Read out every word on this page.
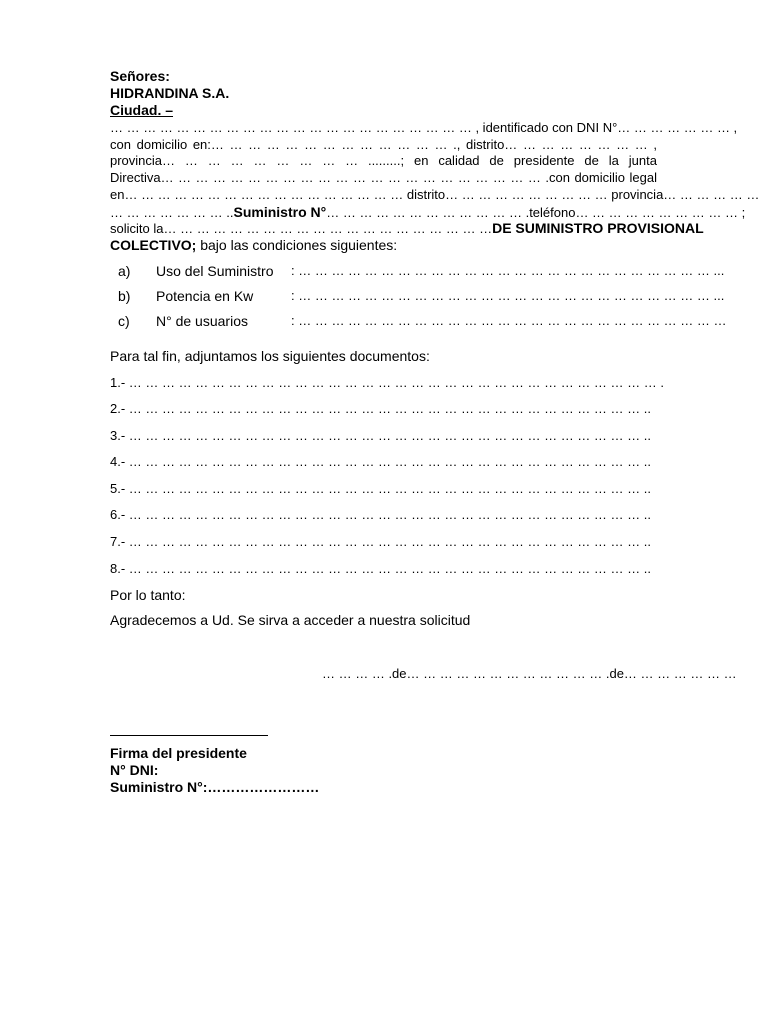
Señores:
HIDRANDINA S.A.
Ciudad. –
… … … … … … … … … … … … … … … … … … … … … … , identificado con DNI N°… … … … … … … ,
con domicilio en:… … … … … … … … … … … … … ., distrito… … … … … … … … ,
provincia… … … … … … … … … .........; en calidad de presidente de la junta
Directiva… … … … … … … … … … … … … … … … … … … … … … .con domicilio legal
en… … … … … … … … … … … … … … … … … distrito… … … … … … … … … … provincia… … … … … …
… … … … … … … ..Suministro N°… … … … … … … … … … … … .teléfono… … … … … … … … … … ;
solicito la… … … … … … … … … … … … … … … … … … … …DE SUMINISTRO PROVISIONAL
COLECTIVO; bajo las condiciones siguientes:
a) Uso del Suministro : … … … … … … … … … … … … … … … … … … … … … … … … … ...
b) Potencia en Kw	: … … … … … … … … … … … … … … … … … … … … … … … … … ...
c) N° de usuarios	: … … … … … … … … … … … … … … … … … … … … … … … … … …
Para tal fin, adjuntamos los siguientes documentos:
1.- … … … … … … … … … … … … … … … … … … … … … … … … … … … … … … … … .
2.- … … … … … … … … … … … … … … … … … … … … … … … … … … … … … … … ..
3.- … … … … … … … … … … … … … … … … … … … … … … … … … … … … … … … ..
4.- … … … … … … … … … … … … … … … … … … … … … … … … … … … … … … … ..
5.- … … … … … … … … … … … … … … … … … … … … … … … … … … … … … … … ..
6.- … … … … … … … … … … … … … … … … … … … … … … … … … … … … … … … ..
7.- … … … … … … … … … … … … … … … … … … … … … … … … … … … … … … … ..
8.- … … … … … … … … … … … … … … … … … … … … … … … … … … … … … … … ..
Por lo tanto:
Agradecemos a Ud. Se sirva a acceder a nuestra solicitud
… … … … .de… … … … … … … … … … … … .de… … … … … … …
Firma del presidente
N° DNI:
Suministro N°:……………………
